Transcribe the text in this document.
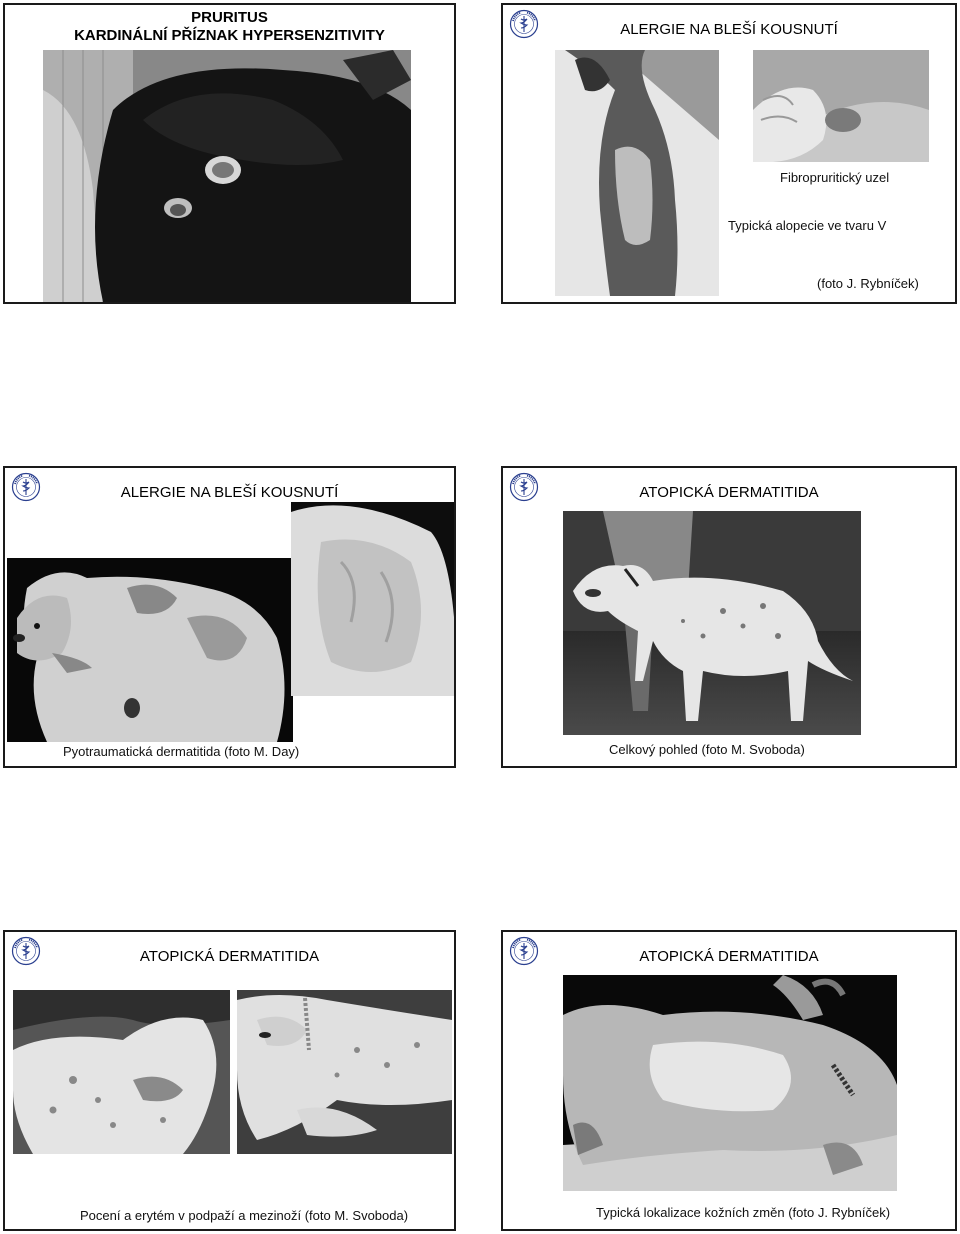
PRURITUS
KARDINÁLNÍ PŘÍZNAK HYPERSENZITIVITY	ALERGIE NA BLEŠÍ KOUSNUTÍ
Fibropruritický uzel
Typická alopecie ve tvaru V
(foto J. Rybníček)
ALERGIE NA BLEŠÍ KOUSNUTÍ
Pyotraumatická dermatitida (foto M. Day)
ATOPICKÁ DERMATITIDA
Celkový pohled (foto M. Svoboda)
ATOPICKÁ DERMATITIDA
Pocení a erytém v podpaží a mezinoží (foto M. Svoboda)
ATOPICKÁ DERMATITIDA
Typická lokalizace kožních změn (foto J. Rybníček)
